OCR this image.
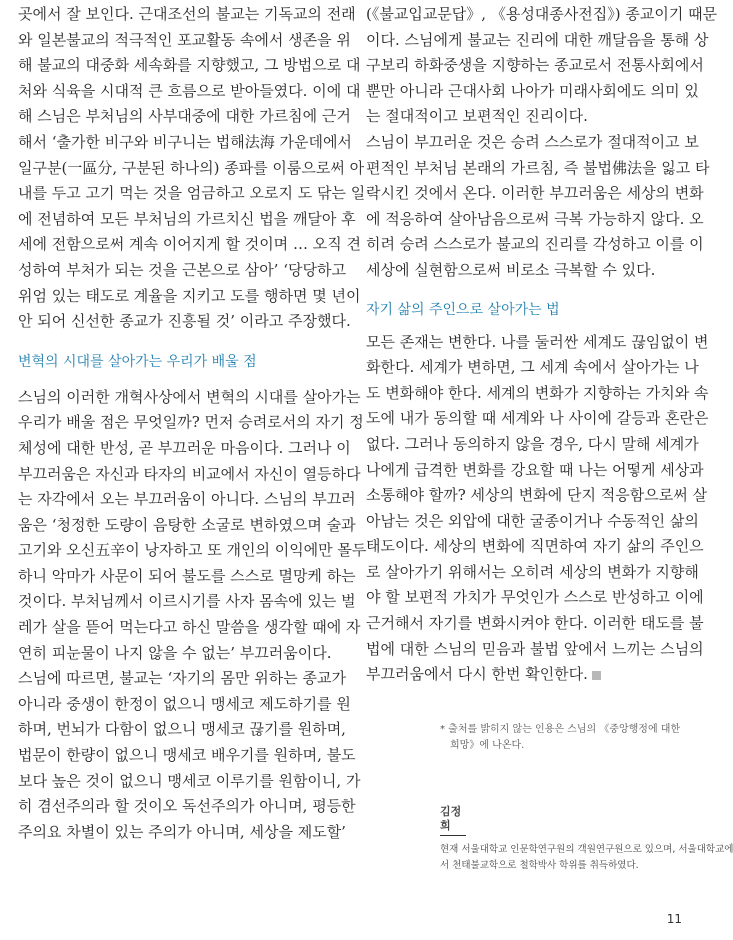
곳에서 잘 보인다. 근대조선의 불교는 기독교의 전래
와 일본불교의 적극적인 포교활동 속에서 생존을 위
해 불교의 대중화 세속화를 지향했고, 그 방법으로 대
처와 식육을 시대적 큰 흐름으로 받아들였다. 이에 대
해 스님은 부처님의 사부대중에 대한 가르침에 근거
해서 ‘출가한 비구와 비구니는 법해法海 가운데에서
일구분(一區分, 구분된 하나의) 종파를 이룸으로써 아
내를 두고 고기 먹는 것을 엄금하고 오로지 도 닦는 일
에 전념하여 모든 부처님의 가르치신 법을 깨달아 후
세에 전함으로써 계속 이어지게 할 것이며 … 오직 견
성하여 부처가 되는 것을 근본으로 삼아’ ‘당당하고
위엄 있는 태도로 계율을 지키고 도를 행하면 몇 년이
안 되어 신선한 종교가 진흥될 것’ 이라고 주장했다.
변혁의 시대를 살아가는 우리가 배울 점
스님의 이러한 개혁사상에서 변혁의 시대를 살아가는
우리가 배울 점은 무엇일까? 먼저 승려로서의 자기 정
체성에 대한 반성, 곧 부끄러운 마음이다. 그러나 이
부끄러움은 자신과 타자의 비교에서 자신이 열등하다
는 자각에서 오는 부끄러움이 아니다. 스님의 부끄러
움은 ‘청정한 도량이 음탕한 소굴로 변하였으며 술과
고기와 오신五辛이 낭자하고 또 개인의 이익에만 몰두
하니 악마가 사문이 되어 불도를 스스로 멸망케 하는
것이다. 부처님께서 이르시기를 사자 몸속에 있는 벌
레가 살을 뜯어 먹는다고 하신 말씀을 생각할 때에 자
연히 피눈물이 나지 않을 수 없는’ 부끄러움이다.
스님에 따르면, 불교는 ‘자기의 몸만 위하는 종교가
아니라 중생이 한정이 없으니 맹세코 제도하기를 원
하며, 번뇌가 다함이 없으니 맹세코 끊기를 원하며,
법문이 한량이 없으니 맹세코 배우기를 원하며, 불도
보다 높은 것이 없으니 맹세코 이루기를 원함이니, 가
히 겸선주의라 할 것이오 독선주의가 아니며, 평등한
주의요 차별이 있는 주의가 아니며, 세상을 제도할’
(《불교입교문답》, 《용성대종사전집》) 종교이기 때문
이다. 스님에게 불교는 진리에 대한 깨달음을 통해 상
구보리 하화중생을 지향하는 종교로서 전통사회에서
뿐만 아니라 근대사회 나아가 미래사회에도 의미 있
는 절대적이고 보편적인 진리이다.
스님이 부끄러운 것은 승려 스스로가 절대적이고 보
편적인 부처님 본래의 가르침, 즉 불법佛法을 잃고 타
락시킨 것에서 온다. 이러한 부끄러움은 세상의 변화
에 적응하여 살아남음으로써 극복 가능하지 않다. 오
히려 승려 스스로가 불교의 진리를 각성하고 이를 이
세상에 실현함으로써 비로소 극복할 수 있다.
자기 삶의 주인으로 살아가는 법
모든 존재는 변한다. 나를 둘러싼 세계도 끊임없이 변
화한다. 세계가 변하면, 그 세계 속에서 살아가는 나
도 변화해야 한다. 세계의 변화가 지향하는 가치와 속
도에 내가 동의할 때 세계와 나 사이에 갈등과 혼란은
없다. 그러나 동의하지 않을 경우, 다시 말해 세계가
나에게 급격한 변화를 강요할 때 나는 어떻게 세상과
소통해야 할까? 세상의 변화에 단지 적응함으로써 살
아남는 것은 외압에 대한 굴종이거나 수동적인 삶의
태도이다. 세상의 변화에 직면하여 자기 삶의 주인으
로 살아가기 위해서는 오히려 세상의 변화가 지향해
야 할 보편적 가치가 무엇인가 스스로 반성하고 이에
근거해서 자기를 변화시켜야 한다. 이러한 태도를 불
법에 대한 스님의 믿음과 불법 앞에서 느끼는 스님의
부끄러움에서 다시 한번 확인한다.
* 출처를 밝히지 않는 인용은 스님의 《중앙행정에 대한
희망》에 나온다.
김정희
현재 서울대학교 인문학연구원의 객원연구원으로 있으며, 서울대학교에
서 천태불교학으로 철학박사 학위를 취득하였다.
11
